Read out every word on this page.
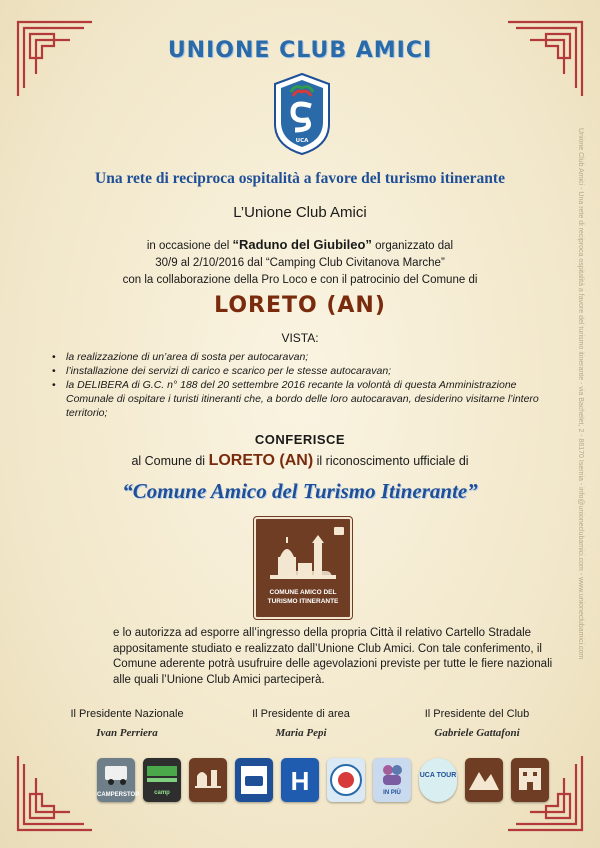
UNIONE CLUB AMICI
UCA
Una rete di reciproca ospitalità a favore del turismo itinerante
L’Unione Club Amici
in occasione del “Raduno del Giubileo” organizzato dal
30/9 al 2/10/2016 dal “Camping Club Civitanova Marche”
con la collaborazione della Pro Loco e con il patrocinio del Comune di
LORETO (AN)
VISTA:
• la realizzazione di un’area di sosta per autocaravan;
• l’installazione dei servizi di carico e scarico per le stesse autocaravan;
• la DELIBERA di G.C. n° 188 del 20 settembre 2016 recante la volontà di questa Amministrazione Comunale di ospitare i turisti itineranti che, a bordo delle loro autocaravan, desiderino visitarne l’intero territorio;
CONFERISCE
al Comune di LORETO (AN) il riconoscimento ufficiale di
“Comune Amico del Turismo Itinerante”
COMUNE AMICO DEL
TURISMO ITINERANTE
e lo autorizza ad esporre all’ingresso della propria Città il relativo Cartello Stradale appositamente studiato e realizzato dall’Unione Club Amici. Con tale conferimento, il Comune aderente potrà usufruire delle agevolazioni previste per tutte le fiere nazionali alle quali l’Unione Club Amici parteciperà.
Il Presidente Nazionale
Ivan Perriera
Il Presidente di area
Maria Pepi
Il Presidente del Club
Gabriele Gattafoni
Unione Club Amici - Una rete di reciproca ospitalità a favore del turismo itinerante - via Bachelet, 2 - 86170 Isernia - info@unioneclubamici.com - www.unioneclubamici.com
CAMPERSTOP	camp	H	IN PIÙ
UCA TOUR
